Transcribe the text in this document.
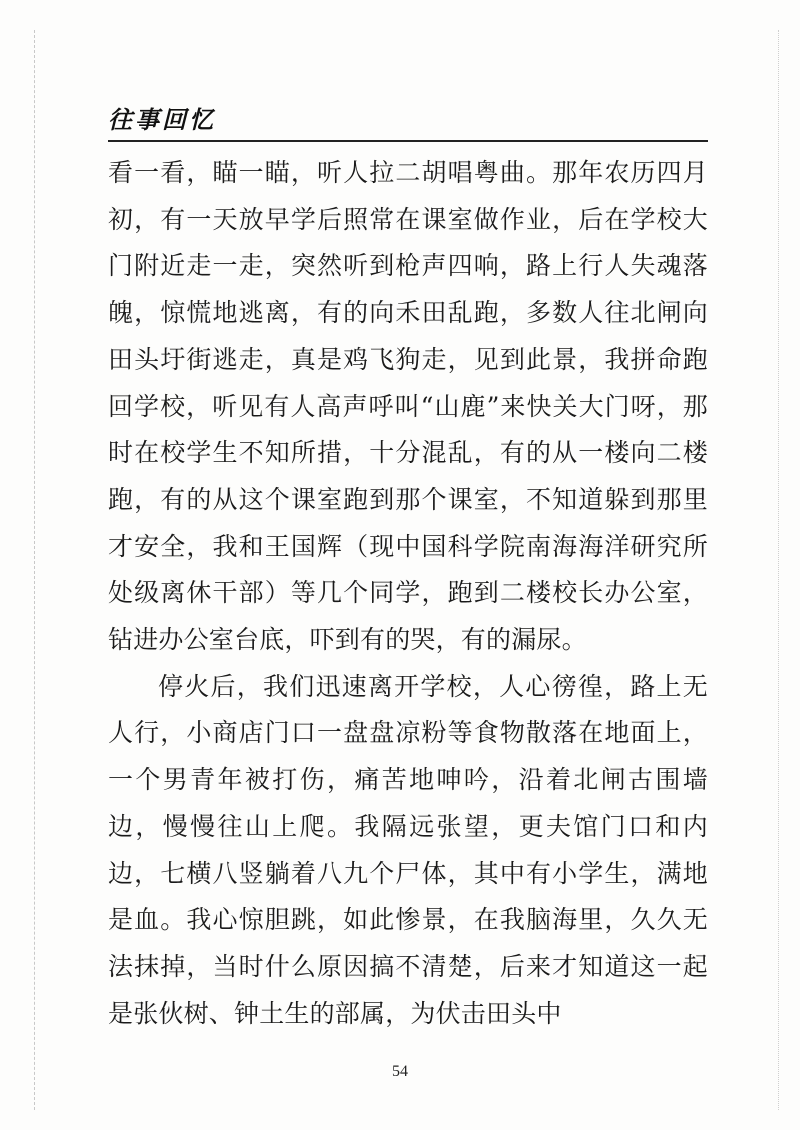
往事回忆

看一看，瞄一瞄，听人拉二胡唱粤曲。那年农历四月初，有一天放早学后照常在课室做作业，后在学校大门附近走一走，突然听到枪声四响，路上行人失魂落魄，惊慌地逃离，有的向禾田乱跑，多数人往北闸向田头圩街逃走，真是鸡飞狗走，见到此景，我拼命跑回学校，听见有人高声呼叫“山鹿”来快关大门呀，那时在校学生不知所措，十分混乱，有的从一楼向二楼跑，有的从这个课室跑到那个课室，不知道躲到那里才安全，我和王国辉（现中国科学院南海海洋研究所处级离休干部）等几个同学，跑到二楼校长办公室，钻进办公室台底，吓到有的哭，有的漏尿。

停火后，我们迅速离开学校，人心徬徨，路上无人行，小商店门口一盘盘凉粉等食物散落在地面上，一个男青年被打伤，痛苦地呻吟，沿着北闸古围墙边，慢慢往山上爬。我隔远张望，更夫馆门口和内边，七横八竖躺着八九个尸体，其中有小学生，满地是血。我心惊胆跳，如此惨景，在我脑海里，久久无法抹掉，当时什么原因搞不清楚，后来才知道这一起是张伙树、钟土生的部属，为伏击田头中

54
